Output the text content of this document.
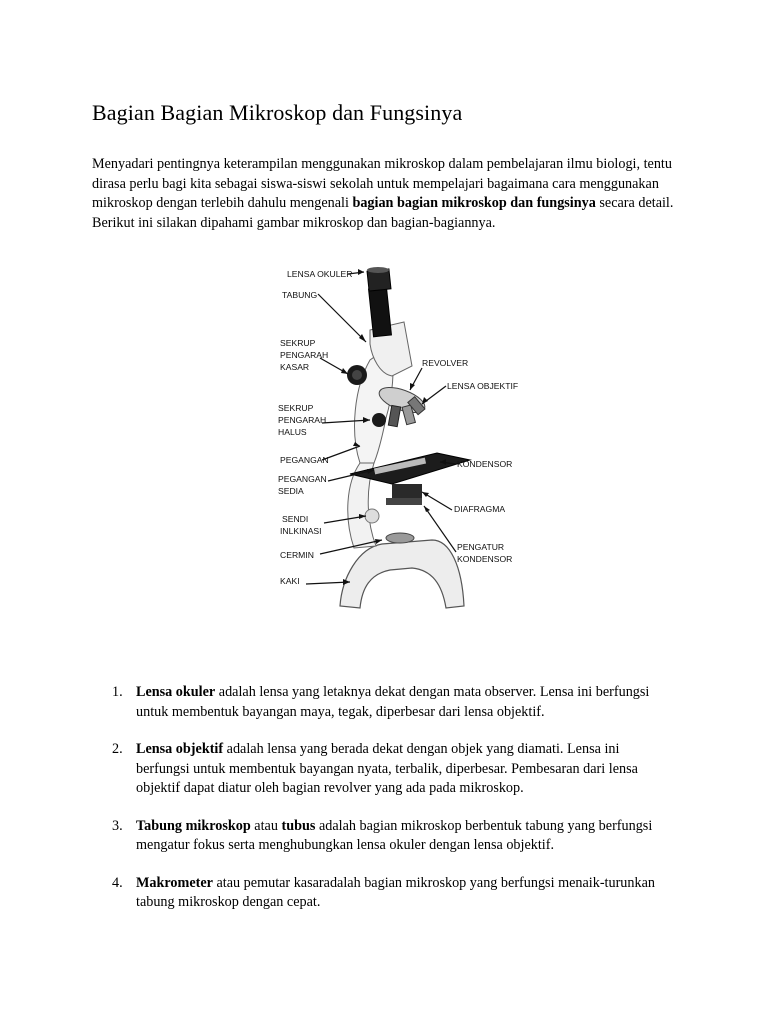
Bagian Bagian Mikroskop dan Fungsinya

Menyadari pentingnya keterampilan menggunakan mikroskop dalam pembelajaran ilmu biologi, tentu dirasa perlu bagi kita sebagai siswa-siswi sekolah untuk mempelajari bagaimana cara menggunakan mikroskop dengan terlebih dahulu mengenali bagian bagian mikroskop dan fungsinya secara detail. Berikut ini silakan dipahami gambar mikroskop dan bagian-bagiannya.

LENSA OKULER
TABUNG
SEKRUP
PENGARAH
KASAR
SEKRUP
PENGARAH
HALUS
PEGANGAN
PEGANGAN
SEDIA
SENDI
INLKINASI
CERMIN
KAKI
REVOLVER
LENSA OBJEKTIF
KONDENSOR
DIAFRAGMA
PENGATUR
KONDENSOR
1. Lensa okuler adalah lensa yang letaknya dekat dengan mata observer. Lensa ini berfungsi untuk membentuk bayangan maya, tegak, diperbesar dari lensa objektif.
2. Lensa objektif adalah lensa yang berada dekat dengan objek yang diamati. Lensa ini berfungsi untuk membentuk bayangan nyata, terbalik, diperbesar. Pembesaran dari lensa objektif dapat diatur oleh bagian revolver yang ada pada mikroskop.
3. Tabung mikroskop atau tubus adalah bagian mikroskop berbentuk tabung yang berfungsi mengatur fokus serta menghubungkan lensa okuler dengan lensa objektif.
4. Makrometer atau pemutar kasaradalah bagian mikroskop yang berfungsi menaik-turunkan tabung mikroskop dengan cepat.
